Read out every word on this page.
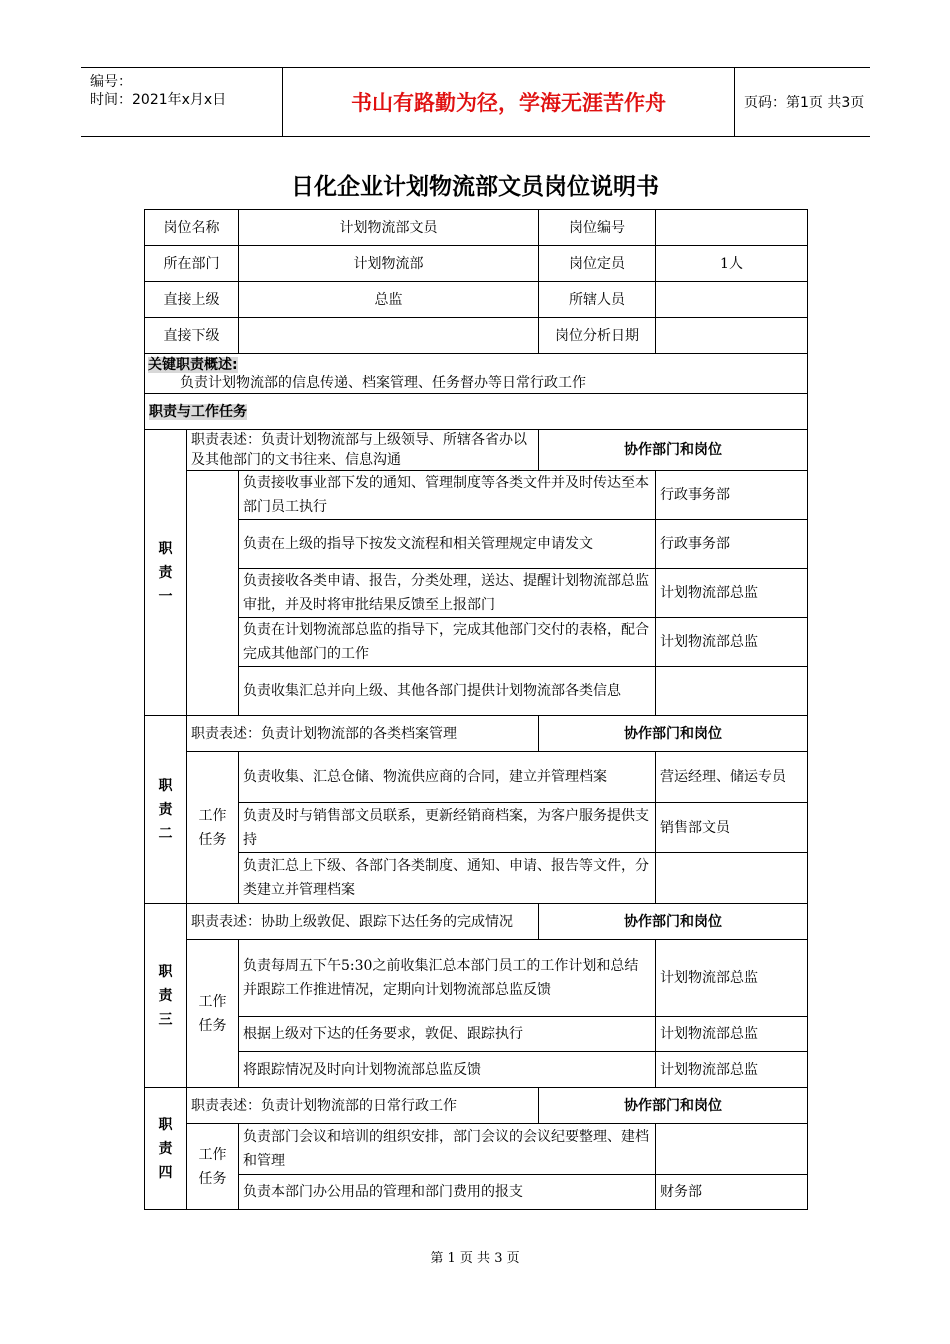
编号：
时间：2021年x月x日	书山有路勤为径，学海无涯苦作舟	页码：第1页 共3页
日化企业计划物流部文员岗位说明书
岗位名称		计划物流部文员	岗位编号	
所在部门		计划物流部	岗位定员	1人
直接上级		总监	所辖人员	
直接下级			岗位分析日期	
关键职责概述:
负责计划物流部的信息传递、档案管理、任务督办等日常行政工作				
职责与工作任务				

职责一	职责表述：负责计划物流部与上级领导、所辖各省办以及其他部门的文书往来、信息沟通		协作部门和岗位	

		负责接收事业部下发的通知、管理制度等各类文件并及时传达至本部门员工执行		行政事务部
		负责在上级的指导下按发文流程和相关管理规定申请发文		行政事务部
		负责接收各类申请、报告，分类处理，送达、提醒计划物流部总监审批，并及时将审批结果反馈至上报部门		计划物流部总监
		负责在计划物流部总监的指导下，完成其他部门交付的表格，配合完成其他部门的工作		计划物流部总监
		负责收集汇总并向上级、其他各部门提供计划物流部各类信息		

职责二	职责表述：负责计划物流部的各类档案管理		协作部门和岗位	

	工作任务	负责收集、汇总仓储、物流供应商的合同，建立并管理档案		营运经理、储运专员
		负责及时与销售部文员联系，更新经销商档案，为客户服务提供支持		销售部文员
		负责汇总上下级、各部门各类制度、通知、申请、报告等文件，分类建立并管理档案		

职责三	职责表述：协助上级敦促、跟踪下达任务的完成情况		协作部门和岗位	

	工作任务	负责每周五下午5:30之前收集汇总本部门员工的工作计划和总结并跟踪工作推进情况，定期向计划物流部总监反馈		计划物流部总监
		根据上级对下达的任务要求，敦促、跟踪执行		计划物流部总监
		将跟踪情况及时向计划物流部总监反馈		计划物流部总监

职责四	职责表述：负责计划物流部的日常行政工作		协作部门和岗位	

	工作任务	负责部门会议和培训的组织安排，部门会议的会议纪要整理、建档和管理		
		负责本部门办公用品的管理和部门费用的报支		财务部
第 1 页 共 3 页
